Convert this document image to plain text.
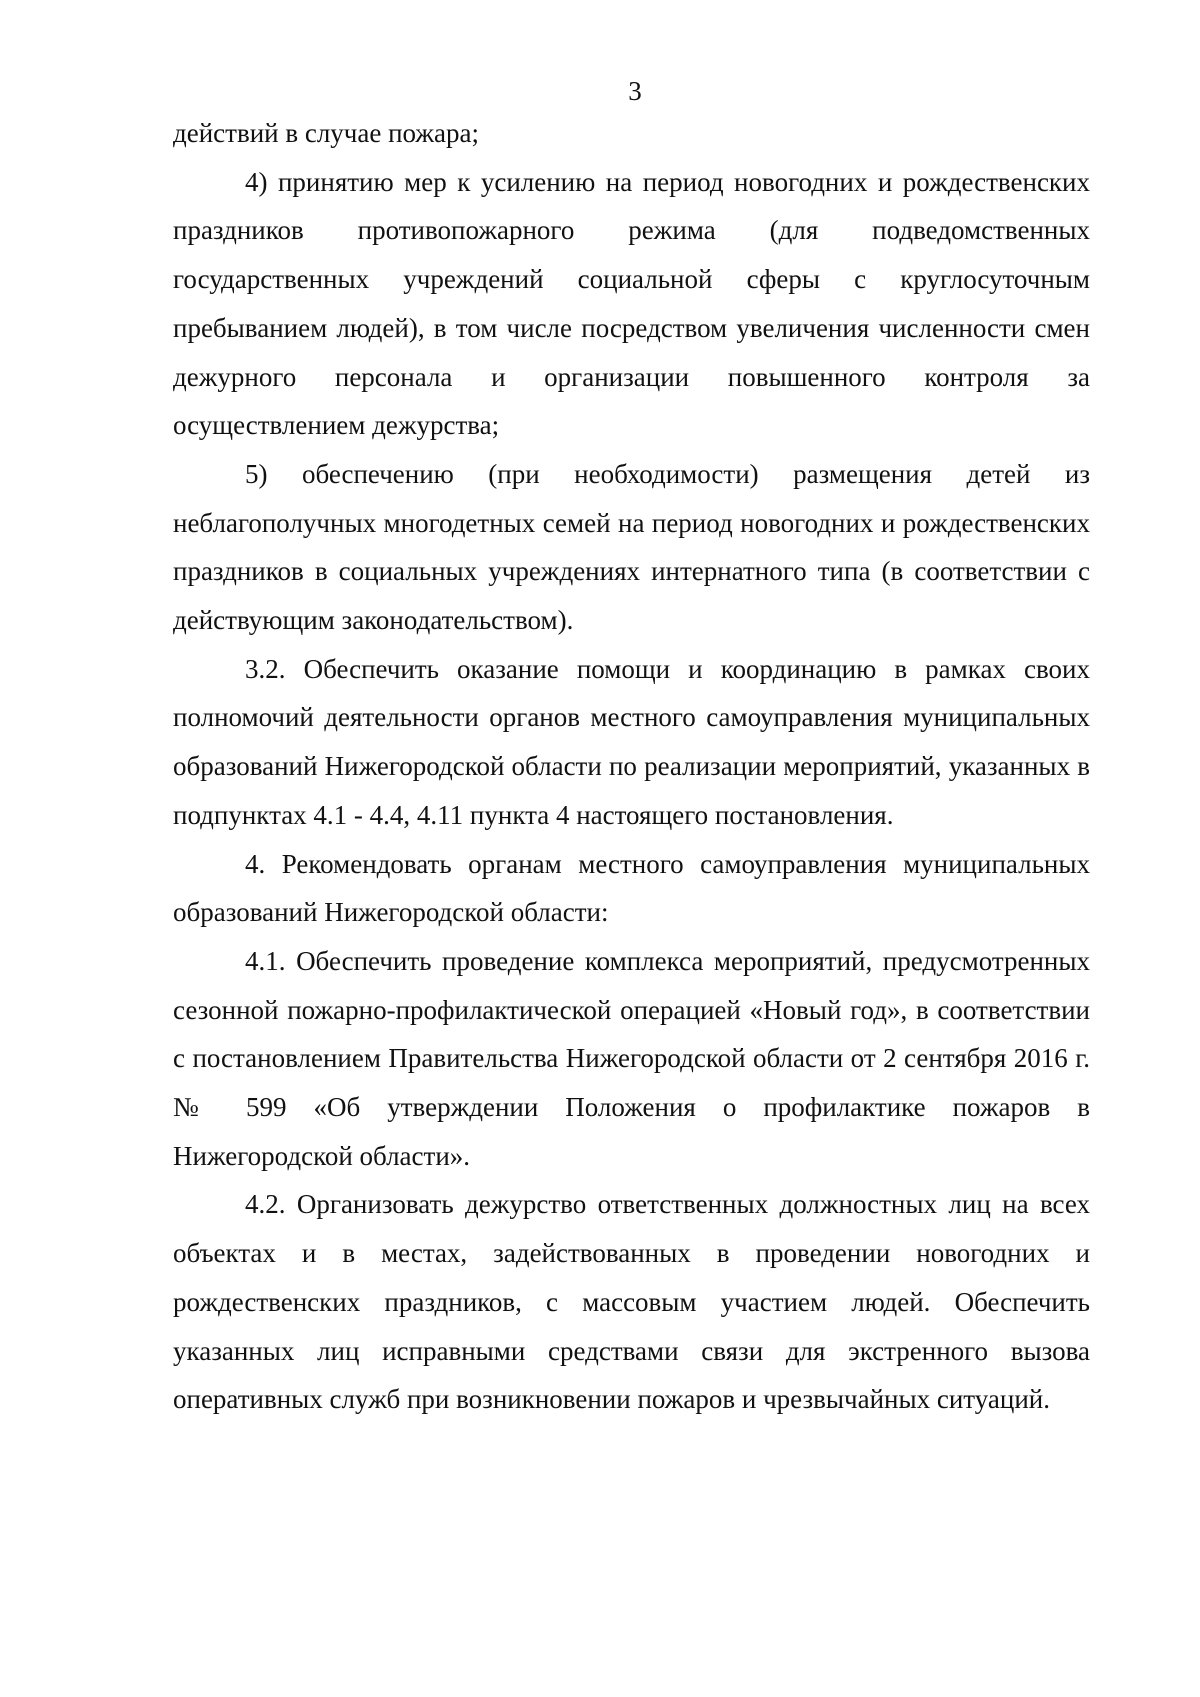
3

действий в случае пожара;

4) принятию мер к усилению на период новогодних и рождественских праздников противопожарного режима (для подведомственных государственных учреждений социальной сферы с круглосуточным пребыванием людей), в том числе посредством увеличения численности смен дежурного персонала и организации повышенного контроля за осуществлением дежурства;

5) обеспечению (при необходимости) размещения детей из неблагополучных многодетных семей на период новогодних и рождественских праздников в социальных учреждениях интернатного типа (в соответствии с действующим законодательством).

3.2. Обеспечить оказание помощи и координацию в рамках своих полномочий деятельности органов местного самоуправления муниципальных образований Нижегородской области по реализации мероприятий, указанных в подпунктах 4.1 - 4.4, 4.11 пункта 4 настоящего постановления.

4. Рекомендовать органам местного самоуправления муниципальных образований Нижегородской области:

4.1. Обеспечить проведение комплекса мероприятий, предусмотренных сезонной пожарно-профилактической операцией «Новый год», в соответствии с постановлением Правительства Нижегородской области от 2 сентября 2016 г. № 599 «Об утверждении Положения о профилактике пожаров в Нижегородской области».

4.2. Организовать дежурство ответственных должностных лиц на всех объектах и в местах, задействованных в проведении новогодних и рождественских праздников, с массовым участием людей. Обеспечить указанных лиц исправными средствами связи для экстренного вызова оперативных служб при возникновении пожаров и чрезвычайных ситуаций.
